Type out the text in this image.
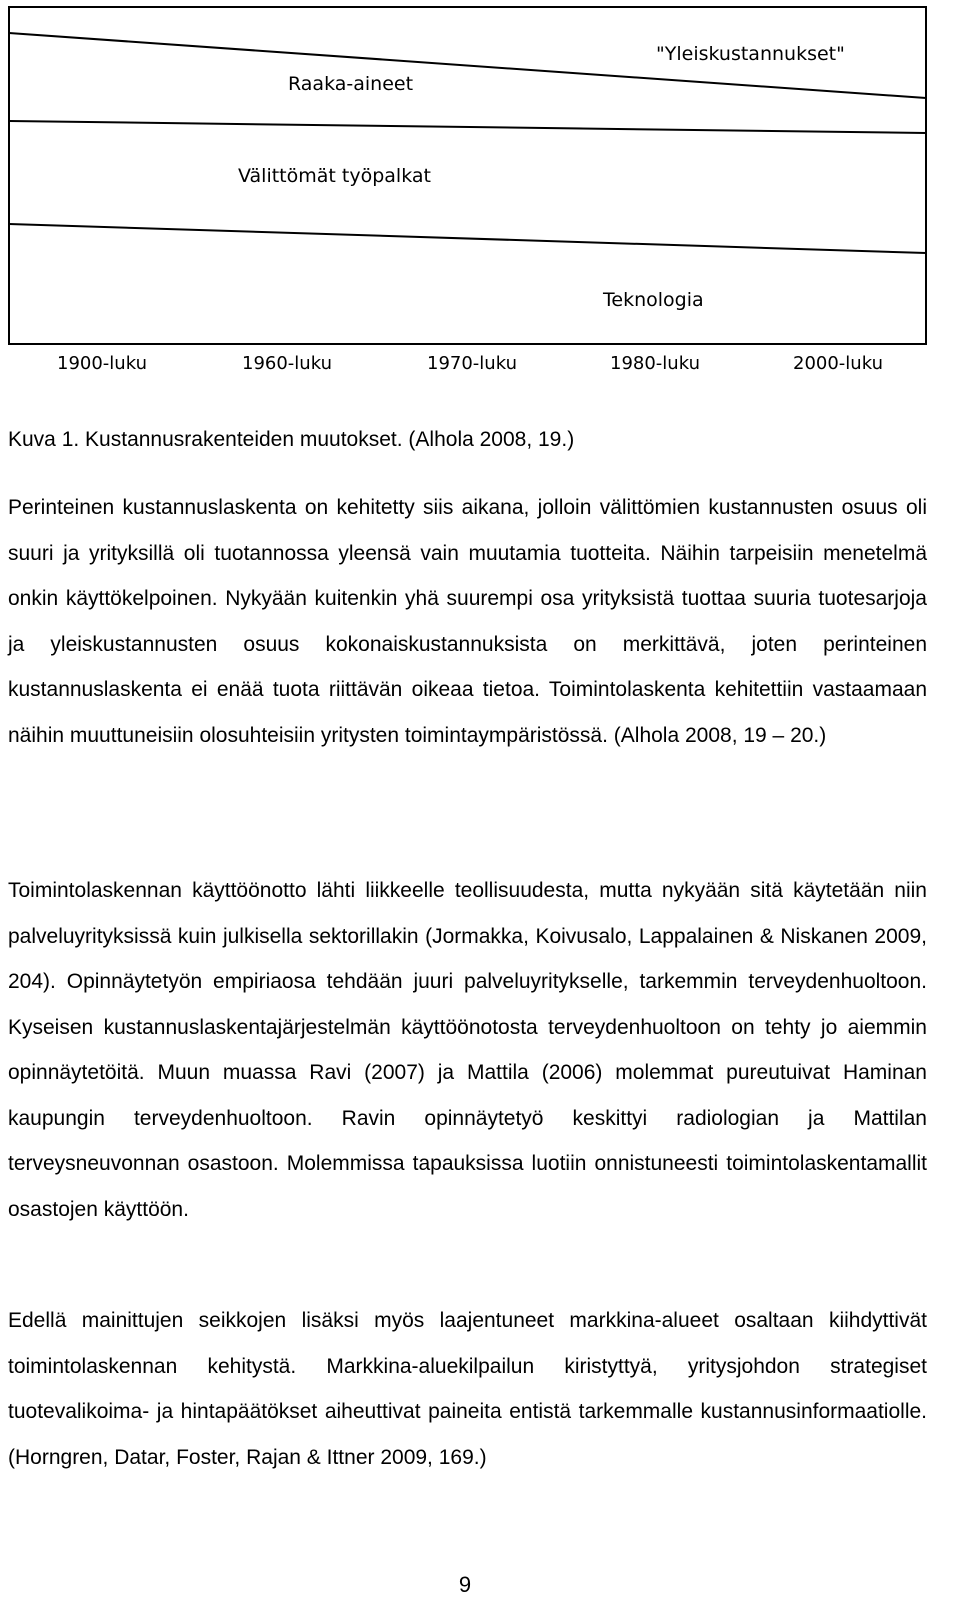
"Yleiskustannukset"
Raaka-aineet
Välittömät työpalkat
Teknologia
1900-luku	1960-luku	1970-luku	1980-luku	2000-luku
Kuva 1. Kustannusrakenteiden muutokset. (Alhola 2008, 19.)

Perinteinen kustannuslaskenta on kehitetty siis aikana, jolloin välittömien kustannusten osuus oli suuri ja yrityksillä oli tuotannossa yleensä vain muutamia tuotteita. Näihin tarpeisiin menetelmä onkin käyttökelpoinen. Nykyään kuitenkin yhä suurempi osa yrityksistä tuottaa suuria tuotesarjoja ja yleiskustannusten osuus kokonaiskustannuksista on merkittävä, joten perinteinen kustannuslaskenta ei enää tuota riittävän oikeaa tietoa. Toimintolaskenta kehitettiin vastaamaan näihin muuttuneisiin olosuhteisiin yritysten toimintaympäristössä. (Alhola 2008, 19 – 20.)

Toimintolaskennan käyttöönotto lähti liikkeelle teollisuudesta, mutta nykyään sitä käytetään niin palveluyrityksissä kuin julkisella sektorillakin (Jormakka, Koivusalo, Lappalainen & Niskanen 2009, 204). Opinnäytetyön empiriaosa tehdään juuri palveluyritykselle, tarkemmin terveydenhuoltoon. Kyseisen kustannuslaskentajärjestelmän käyttöönotosta terveydenhuoltoon on tehty jo aiemmin opinnäytetöitä. Muun muassa Ravi (2007) ja Mattila (2006) molemmat pureutuivat Haminan kaupungin terveydenhuoltoon. Ravin opinnäytetyö keskittyi radiologian ja Mattilan terveysneuvonnan osastoon. Molemmissa tapauksissa luotiin onnistuneesti toimintolaskentamallit osastojen käyttöön.

Edellä mainittujen seikkojen lisäksi myös laajentuneet markkina-alueet osaltaan kiihdyttivät toimintolaskennan kehitystä. Markkina-aluekilpailun kiristyttyä, yritysjohdon strategiset tuotevalikoima- ja hintapäätökset aiheuttivat paineita entistä tarkemmalle kustannusinformaatiolle. (Horngren, Datar, Foster, Rajan & Ittner 2009, 169.)

9
